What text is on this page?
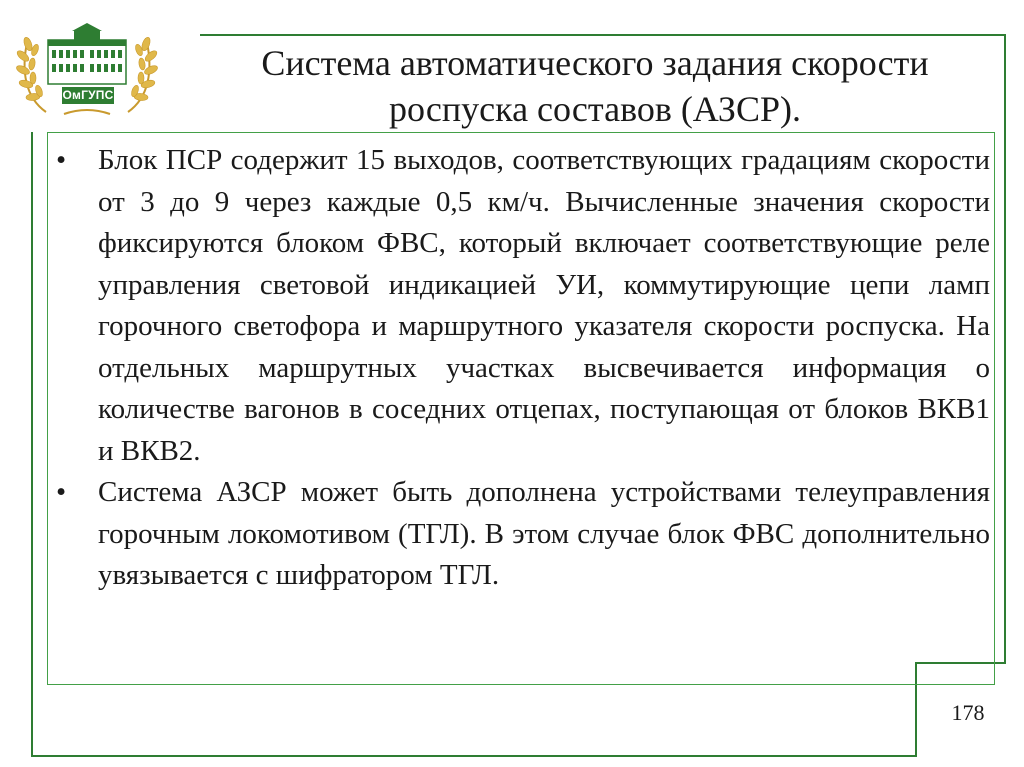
ОмГУПС
Система автоматического задания скорости
роспуска составов (АЗСР).
•	Блок ПСР содержит 15 выходов, соответствующих градациям скорости от 3 до 9 через каждые 0,5 км/ч. Вычисленные значения скорости фиксируются блоком ФВС, который включает соответствующие реле управления световой индикацией УИ, коммутирующие цепи ламп горочного светофора и маршрутного указателя скорости роспуска. На отдельных маршрутных участках высвечивается информация о количестве вагонов в соседних отцепах, поступающая от блоков ВКВ1 и ВКВ2.
•	Система АЗСР может быть дополнена устройствами телеуправления горочным локомотивом (ТГЛ). В этом случае блок ФВС дополнительно увязывается с шифратором ТГЛ.
178
